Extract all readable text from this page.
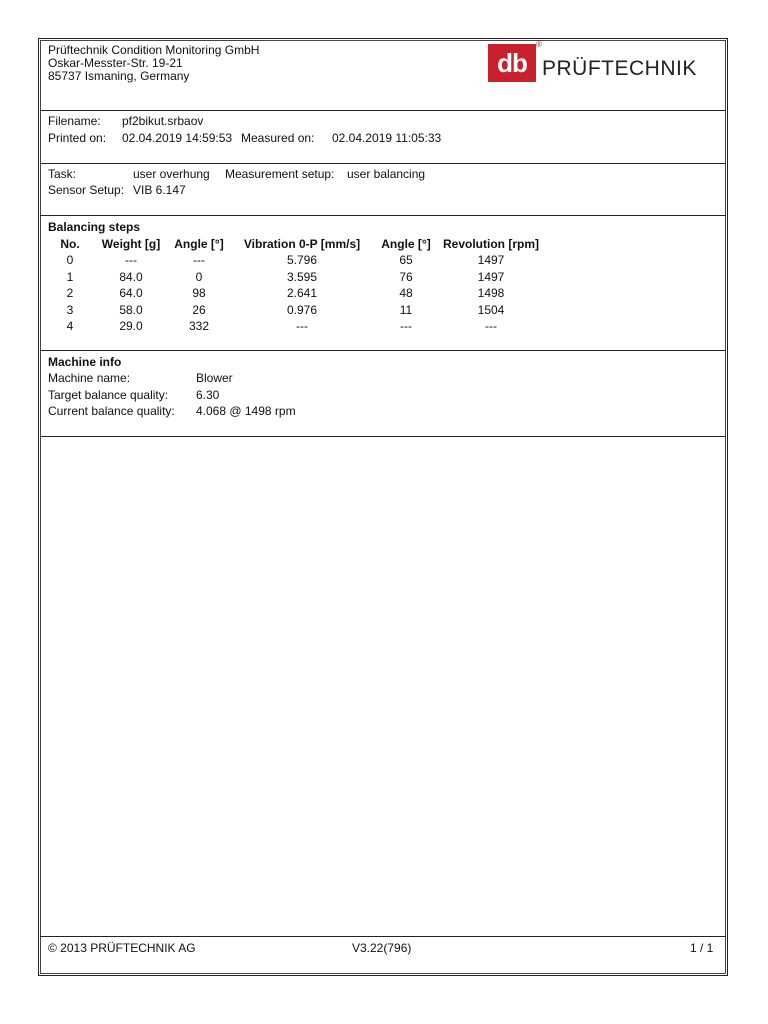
Prüftechnik Condition Monitoring GmbH
Oskar-Messter-Str. 19-21
85737 Ismaning, Germany	db
®
PRÜFTECHNIK
Filename: pf2bikut.srbaov
Printed on: 02.04.2019 14:59:53 Measured on: 02.04.2019 11:05:33
Task:	user overhung Measurement setup: user balancing
Sensor Setup: VIB 6.147
Balancing steps
No.	Weight [g]	Angle [°]	Vibration 0-P [mm/s]	Angle [°]	Revolution [rpm]
0	---	---	5.796	65	1497
1	84.0	0	3.595	76	1497
2	64.0	98	2.641	48	1498
3	58.0	26	0.976	11	1504
4	29.0	332	---	---	---
Machine info
Machine name:	Blower
Target balance quality: 6.30
Current balance quality: 4.068 @ 1498 rpm
© 2013 PRÜFTECHNIK AG	V3.22(796)	1 / 1
